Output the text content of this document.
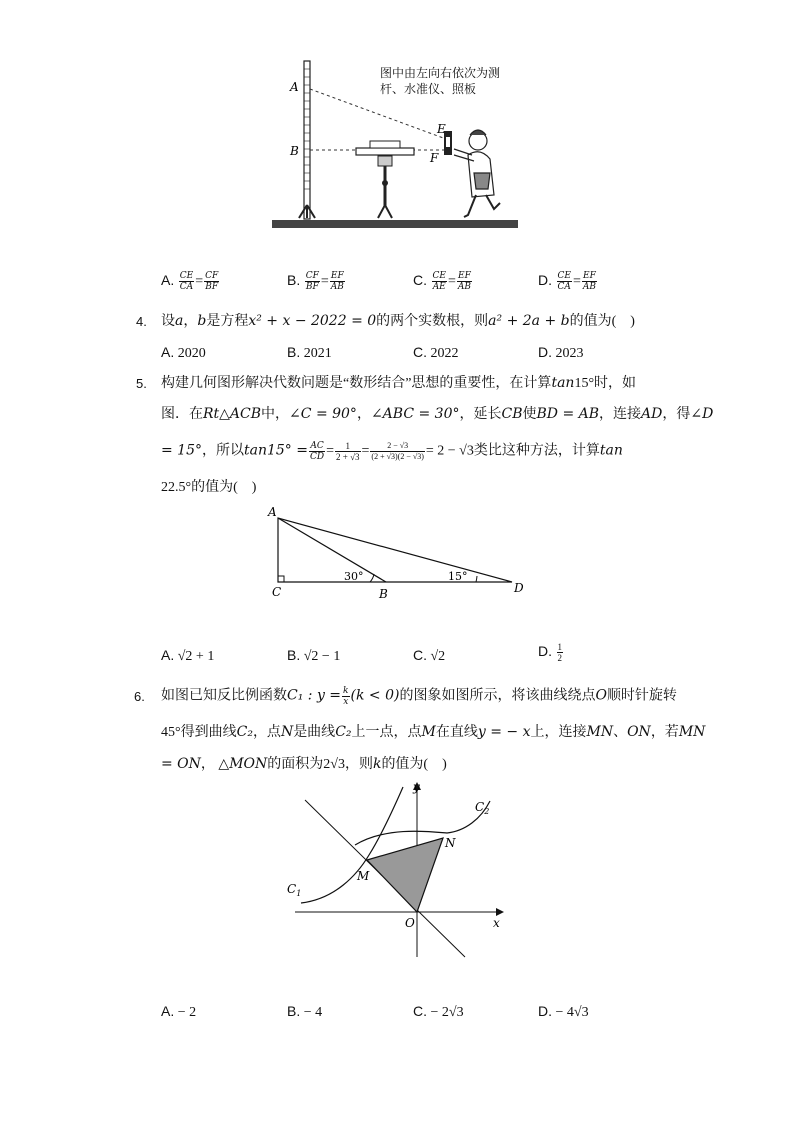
A
B
E
F
图中由左向右依次为测
杆、水准仪、照板
A. $\frac{CE}{CA} = \frac{CF}{BF}$	B. $\frac{CF}{BF} = \frac{EF}{AB}$	C. $\frac{CE}{AE} = \frac{EF}{AB}$	D. $\frac{CE}{CA} = \frac{EF}{AB}$
4. 设a，b是方程x² + x − 2022 = 0的两个实数根，则a² + 2a + b的值为(　)
A. 2020	B. 2021	C. 2022	D. 2023
5. 构建几何图形解决代数问题是“数形结合”思想的重要性，在计算tan15°时，如
图．在Rt△ACB中，∠C = 90°，∠ABC = 30°，延长CB使BD = AB，连接AD，得∠D
= 15°，所以$\tan 15^\circ = \frac{AC}{CD} = \frac{1}{2 + √3} = \frac{2 - √3}{(2 + √3)(2 - √3)} = 2 - √3$类比这种方法，计算tan
22.5°的值为(　)
A
C	B	D
30°	15°
A. √2 + 1	B. √2 − 1	C. √2	D. $\frac{1}{2}$
6. 如图已知反比例函数C₁ : $y = \frac{k}{x} (k < 0)$的图象如图所示，将该曲线绕点O顺时针旋转
45°得到曲线C₂，点N是曲线C₂上一点，点M在直线y = − x上，连接MN、ON，若MN
= ON， △MON的面积为2√3，则k的值为(　)
y
x
O
M
N
$C_1$
$C_2$
A. − 2	B. − 4	C. − 2√3	D. − 4√3
